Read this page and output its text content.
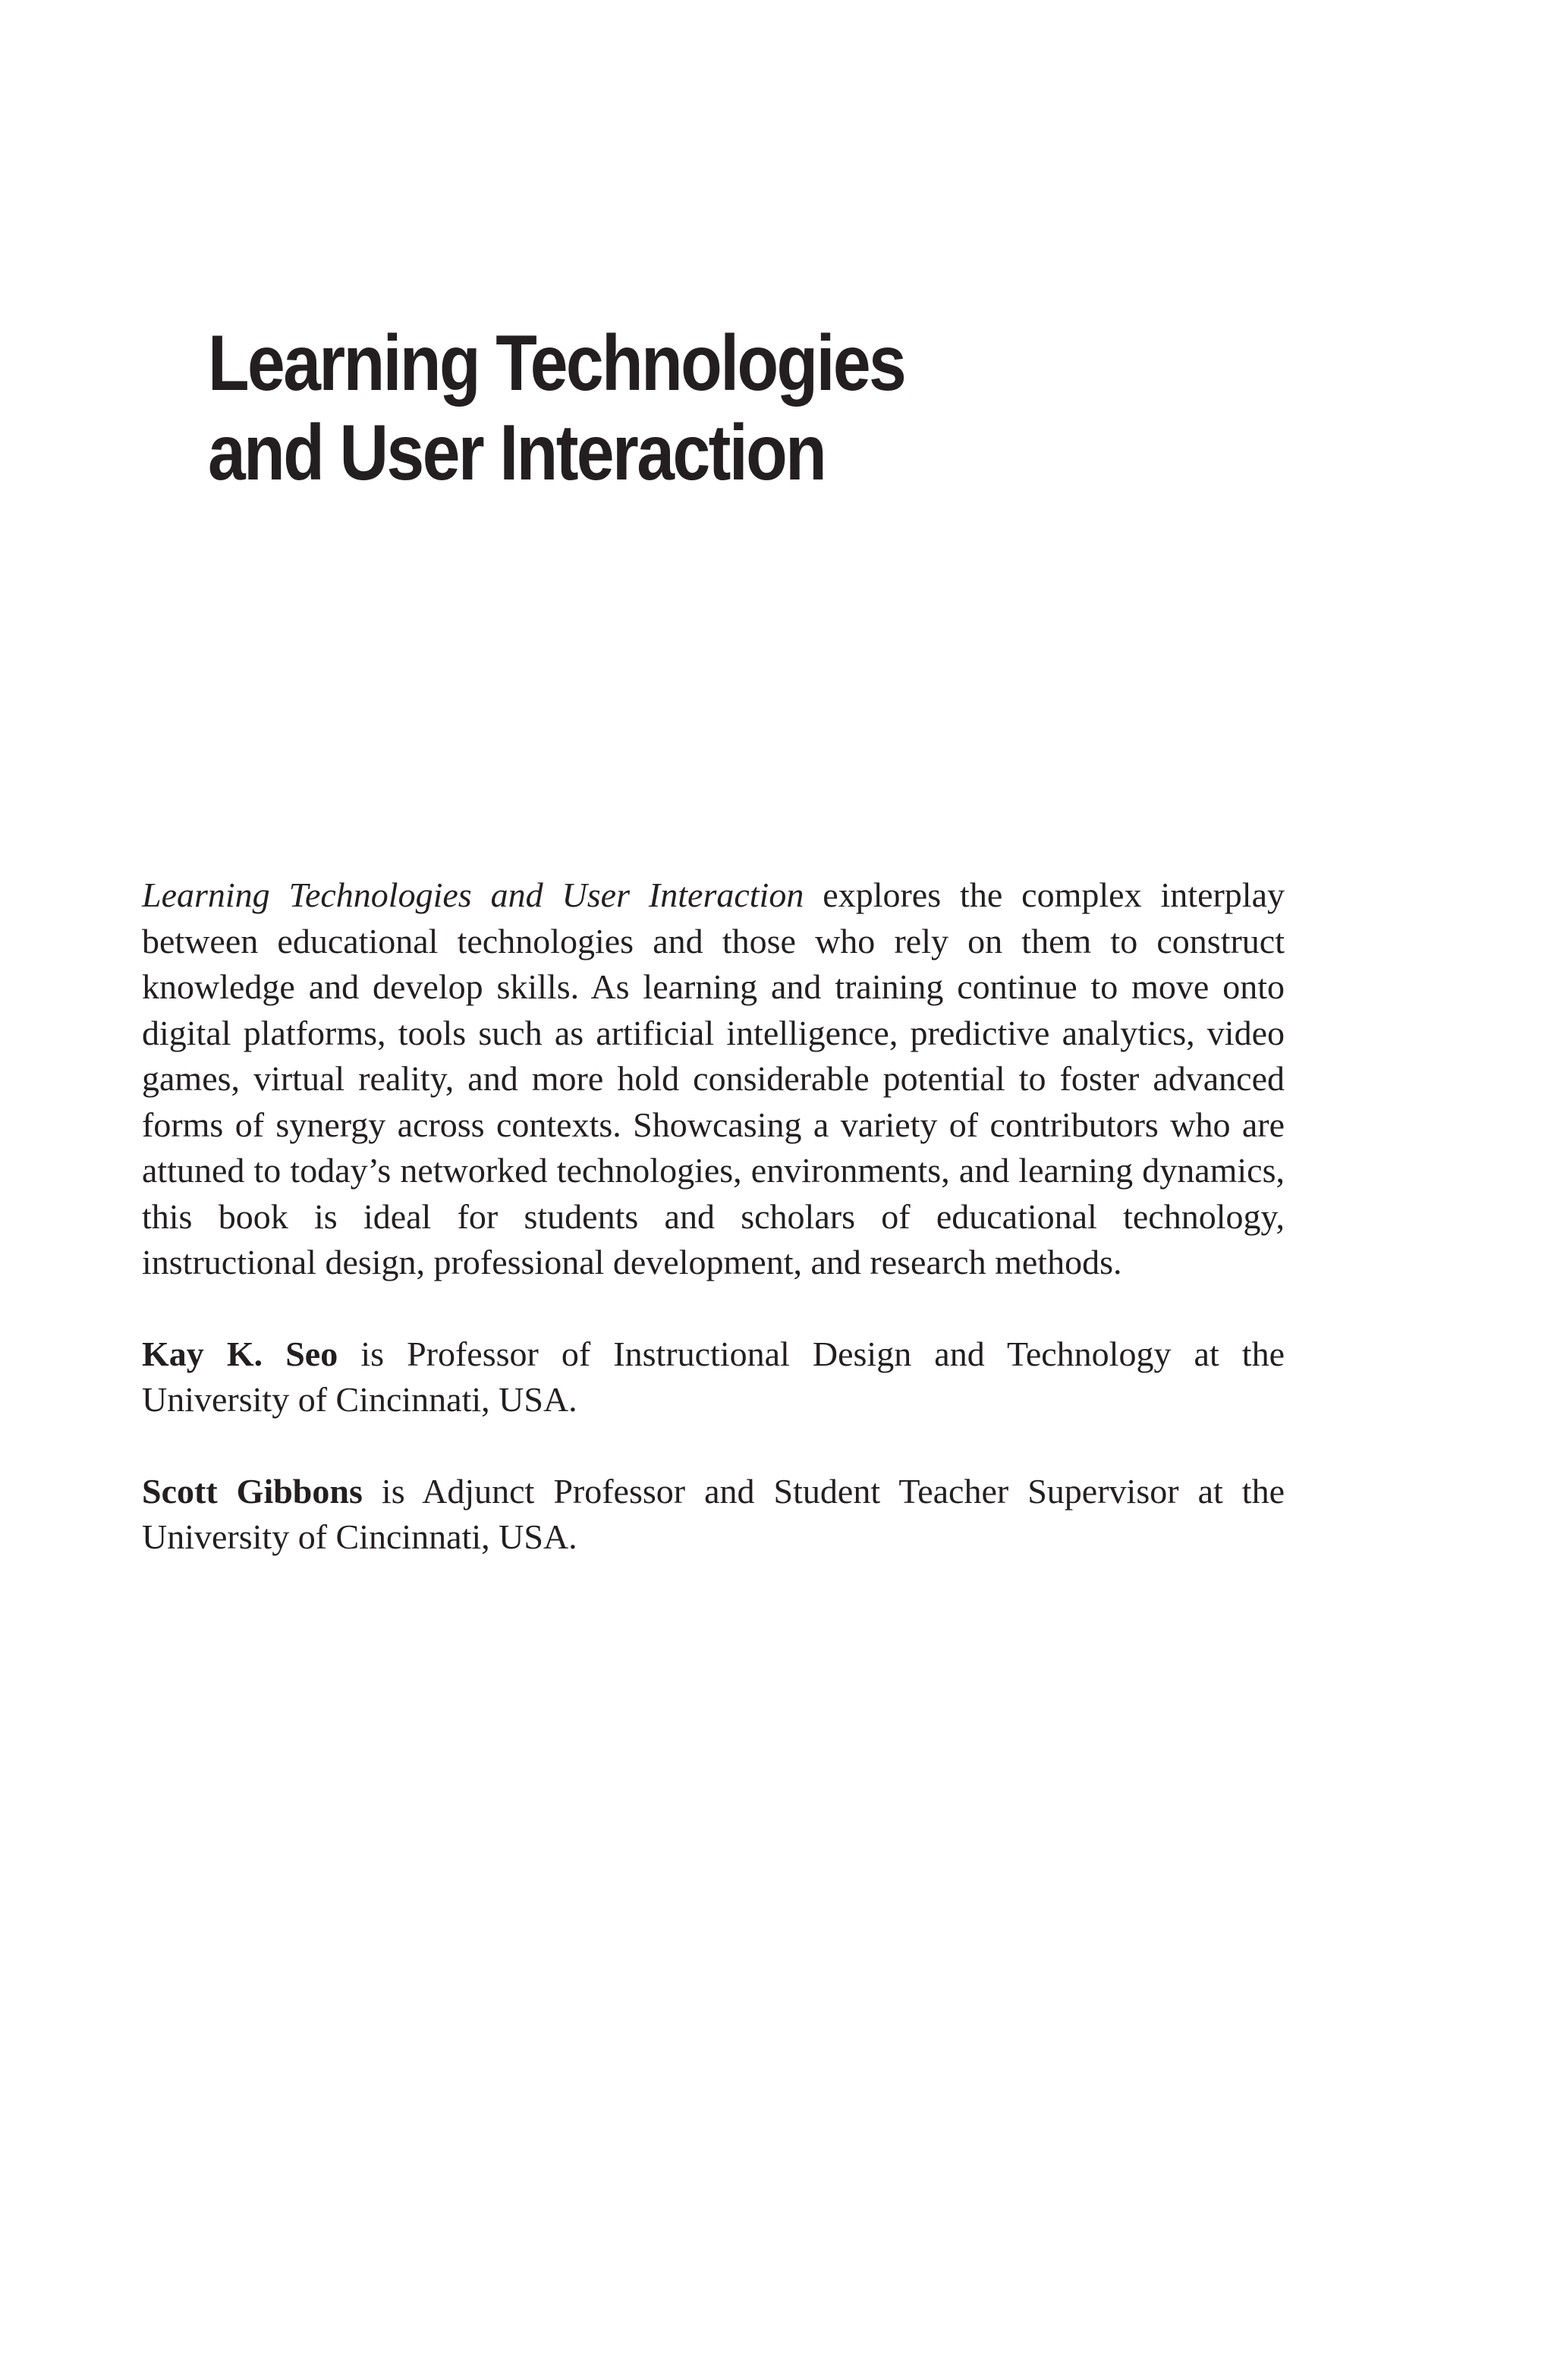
Learning Technologies
and User Interaction

Learning Technologies and User Interaction explores the complex interplay between educational technologies and those who rely on them to construct knowledge and develop skills. As learning and training continue to move onto digital platforms, tools such as artificial intelligence, predictive analytics, video games, virtual reality, and more hold considerable potential to foster advanced forms of synergy across contexts. Showcasing a variety of contributors who are attuned to today’s networked technologies, environments, and learning dynamics, this book is ideal for students and scholars of educational technology, instructional design, professional development, and research methods.

Kay K. Seo is Professor of Instructional Design and Technology at the University of Cincinnati, USA.

Scott Gibbons is Adjunct Professor and Student Teacher Supervisor at the University of Cincinnati, USA.
